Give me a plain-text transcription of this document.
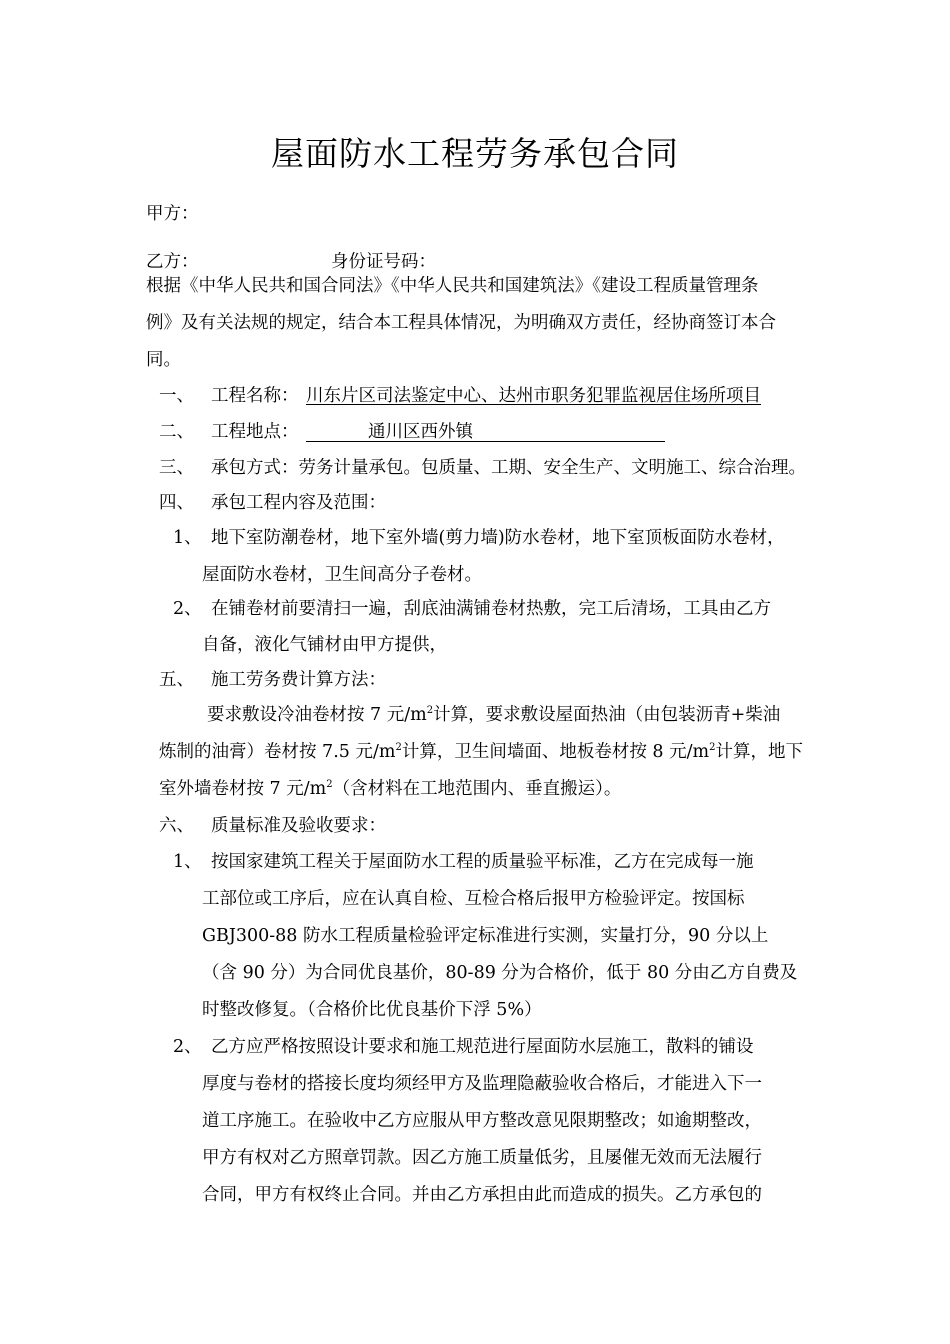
屋面防水工程劳务承包合同
甲方：
乙方：	身份证号码：
根据《中华人民共和国合同法》《中华人民共和国建筑法》《建设工程质量管理条
例》及有关法规的规定，结合本工程具体情况，为明确双方责任，经协商签订本合
同。
一、 工程名称： 川东片区司法鉴定中心、达州市职务犯罪监视居住场所项目
二、 工程地点：	通川区西外镇
三、 承包方式：劳务计量承包。包质量、工期、安全生产、文明施工、综合治理。
四、 承包工程内容及范围：
1、 地下室防潮卷材，地下室外墙(剪力墙)防水卷材，地下室顶板面防水卷材，
屋面防水卷材，卫生间高分子卷材。
2、 在铺卷材前要清扫一遍，刮底油满铺卷材热敷，完工后清场，工具由乙方
自备，液化气铺材由甲方提供，
五、 施工劳务费计算方法：
要求敷设冷油卷材按 7 元$/m^2$计算，要求敷设屋面热油（由包装沥青+柴油
炼制的油膏）卷材按 7.5 元$/m^2$计算，卫生间墙面、地板卷材按 8 元$/m^2$计算，地下
室外墙卷材按 7 元$/m^2$（含材料在工地范围内、垂直搬运）。
六、 质量标准及验收要求：
1、 按国家建筑工程关于屋面防水工程的质量验平标准，乙方在完成每一施
工部位或工序后，应在认真自检、互检合格后报甲方检验评定。按国标
GBJ300-88 防水工程质量检验评定标准进行实测，实量打分，90 分以上
（含 90 分）为合同优良基价，80-89 分为合格价，低于 80 分由乙方自费及
时整改修复。（合格价比优良基价下浮 5%）
2、 乙方应严格按照设计要求和施工规范进行屋面防水层施工，散料的铺设
厚度与卷材的搭接长度均须经甲方及监理隐蔽验收合格后，才能进入下一
道工序施工。在验收中乙方应服从甲方整改意见限期整改；如逾期整改，
甲方有权对乙方照章罚款。因乙方施工质量低劣，且屡催无效而无法履行
合同，甲方有权终止合同。并由乙方承担由此而造成的损失。乙方承包的
